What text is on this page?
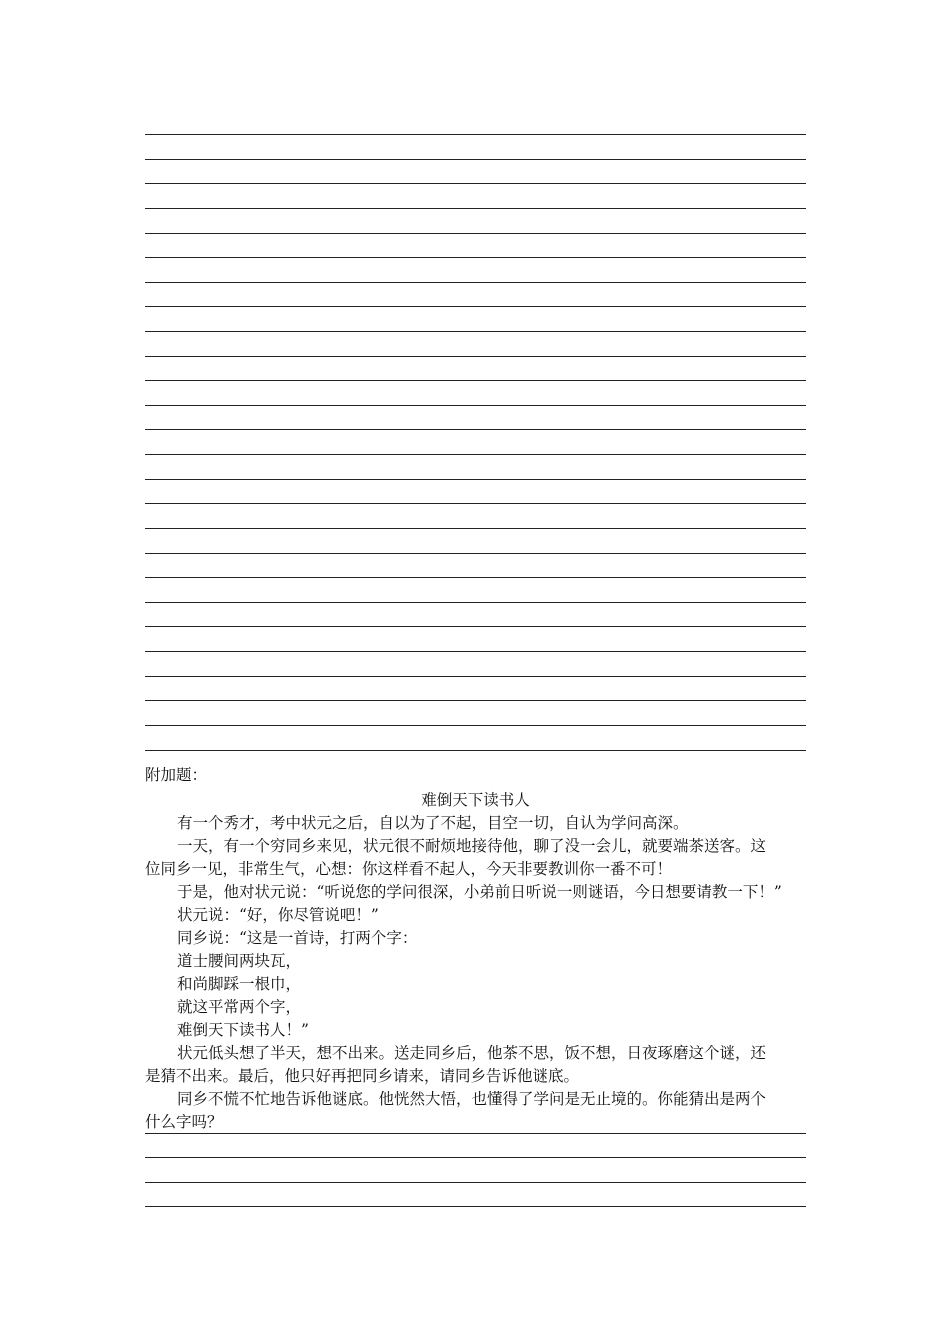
附加题：
难倒天下读书人
有一个秀才，考中状元之后，自以为了不起，目空一切，自认为学问高深。
一天，有一个穷同乡来见，状元很不耐烦地接待他，聊了没一会儿，就要端茶送客。这
位同乡一见，非常生气，心想：你这样看不起人，今天非要教训你一番不可！
于是，他对状元说：“听说您的学问很深，小弟前日听说一则谜语，今日想要请教一下！”
状元说：“好，你尽管说吧！”
同乡说：“这是一首诗，打两个字：
道士腰间两块瓦，
和尚脚踩一根巾，
就这平常两个字，
难倒天下读书人！”
状元低头想了半天，想不出来。送走同乡后，他茶不思，饭不想，日夜琢磨这个谜，还
是猜不出来。最后，他只好再把同乡请来，请同乡告诉他谜底。
同乡不慌不忙地告诉他谜底。他恍然大悟，也懂得了学问是无止境的。你能猜出是两个
什么字吗？
